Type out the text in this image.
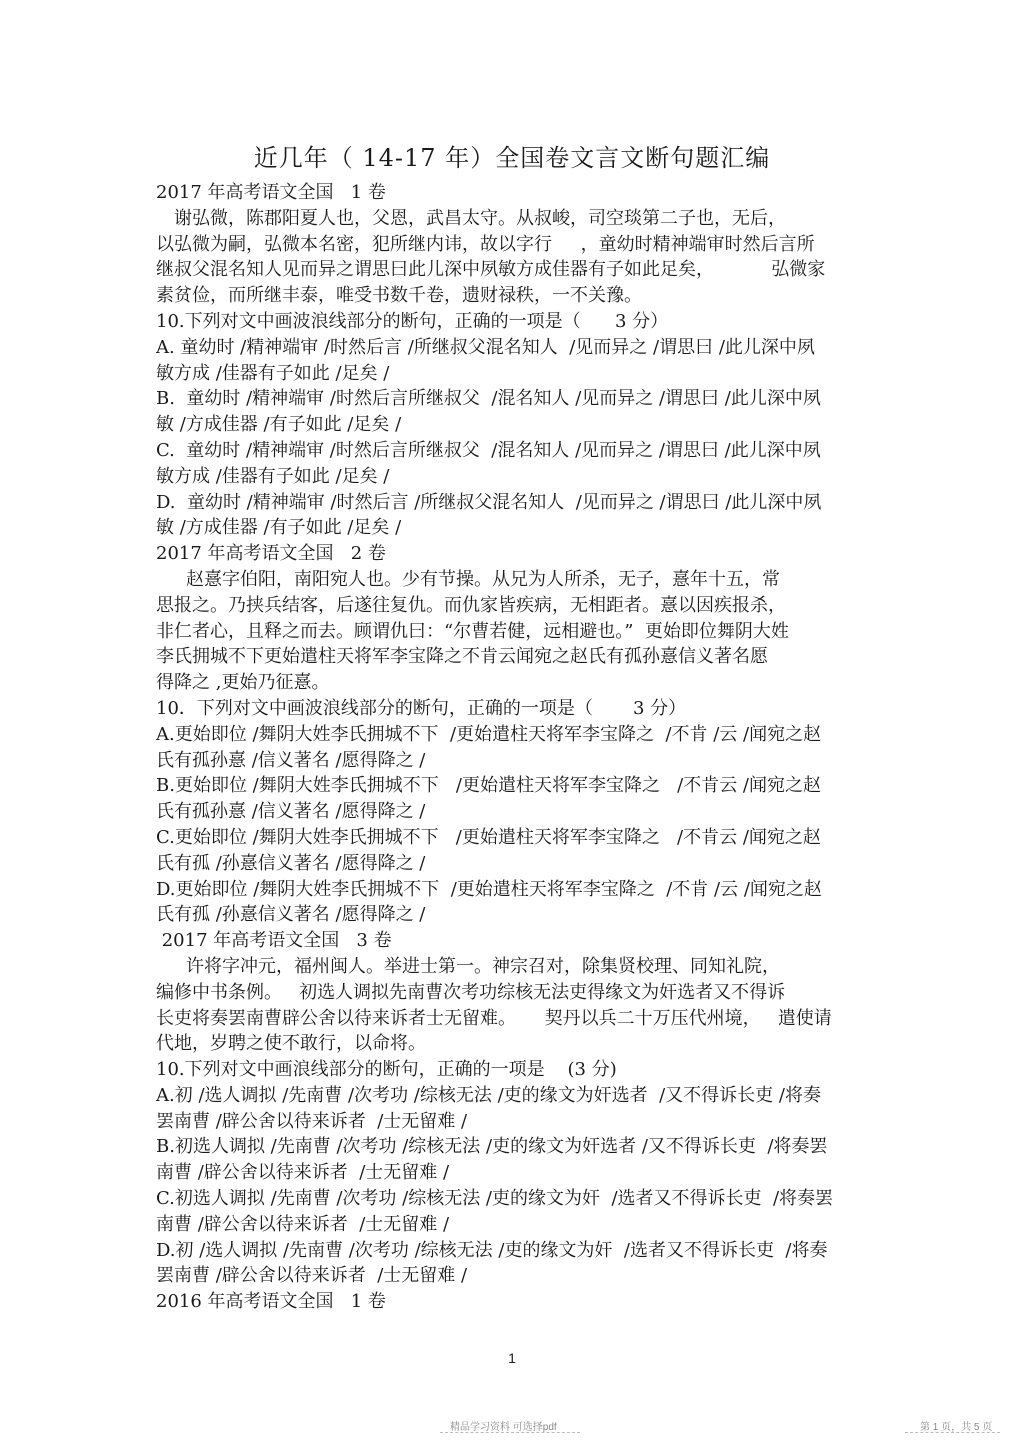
近几年（ 14-17 年）全国卷文言文断句题汇编
2017 年高考语文全国   1 卷
谢弘微，陈郡阳夏人也，父恩，武昌太守。从叔峻，司空琰第二子也，无后，
以弘微为嗣，弘微本名密，犯所继内讳，故以字行     ，童幼时精神端审时然后言所
继叔父混名知人见而异之谓思曰此儿深中夙敏方成佳器有子如此足矣，          弘微家
素贫俭，而所继丰泰，唯受书数千卷，遗财禄秩，一不关豫。
10.下列对文中画波浪线部分的断句，正确的一项是（      3 分）
A. 童幼时 /精神端审 /时然后言 /所继叔父混名知人  /见而异之 /谓思曰 /此儿深中夙
敏方成 /佳器有子如此 /足矣 /
B.  童幼时 /精神端审 /时然后言所继叔父  /混名知人 /见而异之 /谓思曰 /此儿深中夙
敏 /方成佳器 /有子如此 /足矣 /
C.  童幼时 /精神端审 /时然后言所继叔父  /混名知人 /见而异之 /谓思曰 /此儿深中夙
敏方成 /佳器有子如此 /足矣 /
D.  童幼时 /精神端审 /时然后言 /所继叔父混名知人  /见而异之 /谓思曰 /此儿深中夙
敏 /方成佳器 /有子如此 /足矣 /
2017 年高考语文全国   2 卷
赵憙字伯阳，南阳宛人也。少有节操。从兄为人所杀，无子，憙年十五，常
思报之。乃挟兵结客，后遂往复仇。而仇家皆疾病，无相距者。憙以因疾报杀，
非仁者心，且释之而去。顾谓仇曰：“尔曹若健，远相避也。”  更始即位舞阴大姓
李氏拥城不下更始遣柱天将军李宝降之不肯云闻宛之赵氏有孤孙憙信义著名愿
得降之 ,更始乃征憙。
10．下列对文中画波浪线部分的断句，正确的一项是（       3 分）
A.更始即位 /舞阴大姓李氏拥城不下  /更始遣柱天将军李宝降之  /不肯 /云 /闻宛之赵
氏有孤孙憙 /信义著名 /愿得降之 /
B.更始即位 /舞阴大姓李氏拥城不下   /更始遣柱天将军李宝降之   /不肯云 /闻宛之赵
氏有孤孙憙 /信义著名 /愿得降之 /
C.更始即位 /舞阴大姓李氏拥城不下   /更始遣柱天将军李宝降之   /不肯云 /闻宛之赵
氏有孤 /孙憙信义著名 /愿得降之 /
D.更始即位 /舞阴大姓李氏拥城不下  /更始遣柱天将军李宝降之  /不肯 /云 /闻宛之赵
氏有孤 /孙憙信义著名 /愿得降之 /
2017 年高考语文全国   3 卷
许将字冲元，福州闽人。举进士第一。神宗召对，除集贤校理、同知礼院，
编修中书条例。   初选人调拟先南曹次考功综核无法吏得缘文为奸选者又不得诉
长吏将奏罢南曹辟公舍以待来诉者士无留难。     契丹以兵二十万压代州境，   遣使请
代地，岁聘之使不敢行，以命将。
10.下列对文中画浪线部分的断句，正确的一项是    (3 分)
A.初 /选人调拟 /先南曹 /次考功 /综核无法 /吏的缘文为奸选者  /又不得诉长吏 /将奏
罢南曹 /辟公舍以待来诉者  /士无留难 /
B.初选人调拟 /先南曹 /次考功 /综核无法 /吏的缘文为奸选者 /又不得诉长吏  /将奏罢
南曹 /辟公舍以待来诉者  /士无留难 /
C.初选人调拟 /先南曹 /次考功 /综核无法 /吏的缘文为奸  /选者又不得诉长吏  /将奏罢
南曹 /辟公舍以待来诉者  /士无留难 /
D.初 /选人调拟 /先南曹 /次考功 /综核无法 /吏的缘文为奸  /选者又不得诉长吏  /将奏
罢南曹 /辟公舍以待来诉者  /士无留难 /
2016 年高考语文全国   1 卷
1
精品学习资料 可选择pdf	第 1 页，共 5 页
